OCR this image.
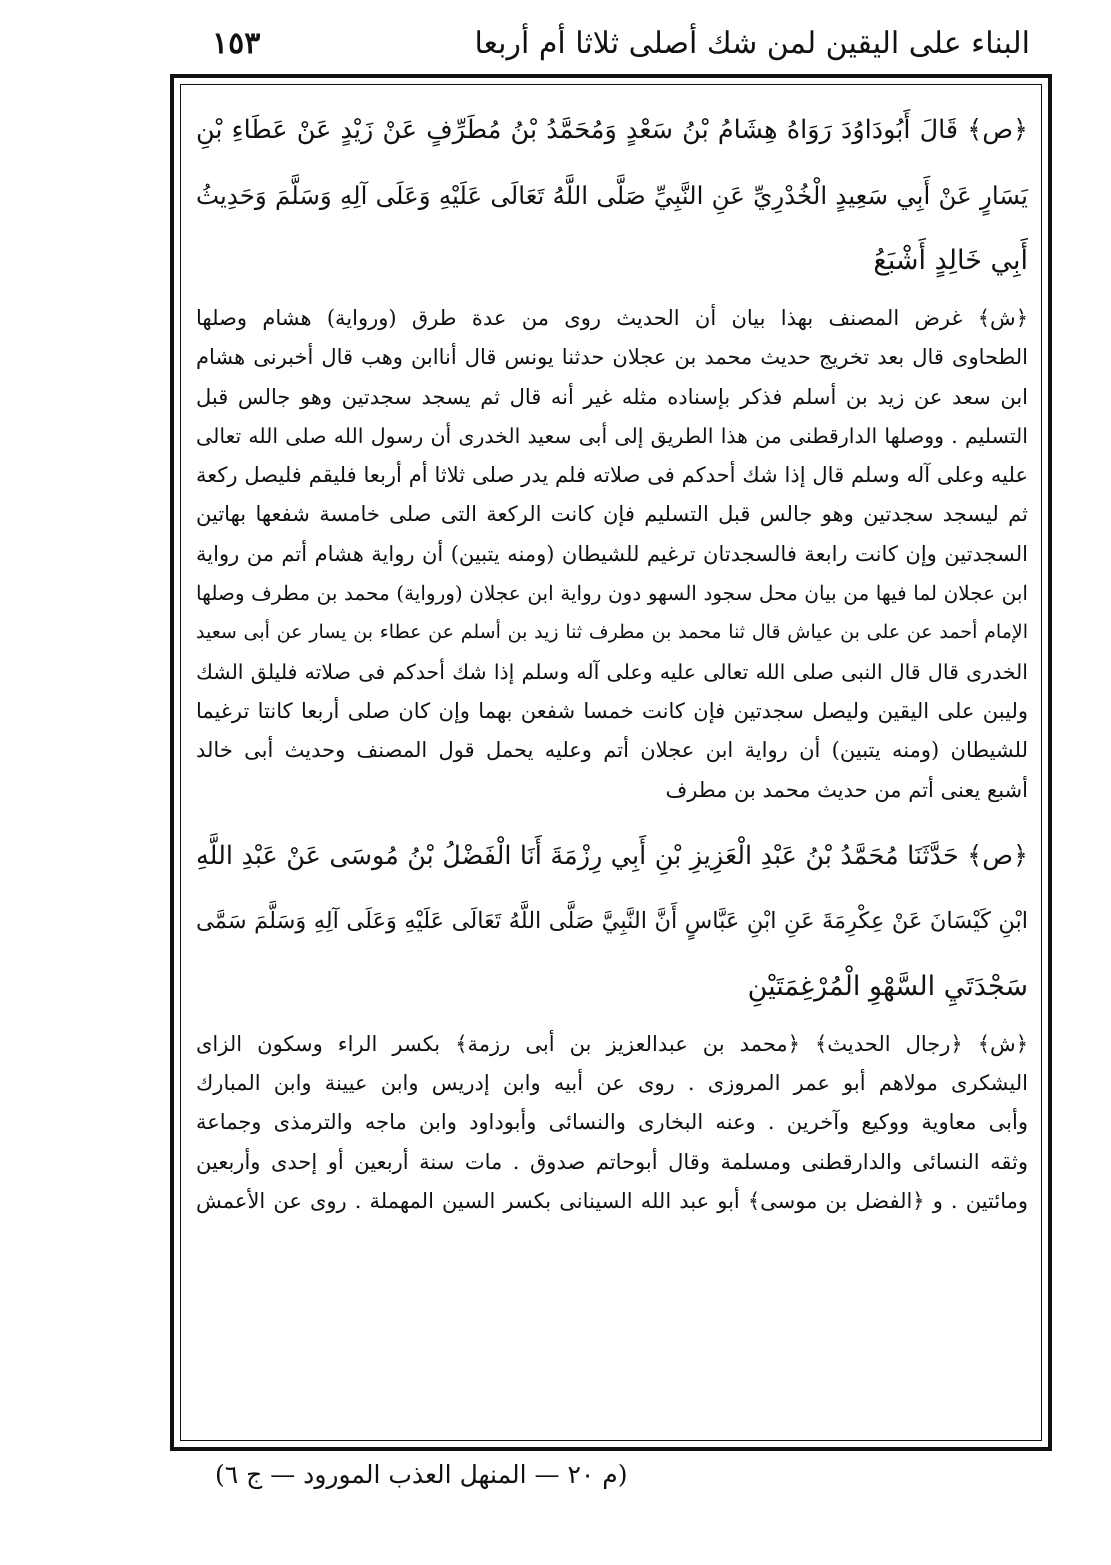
١٥٣	البناء على اليقين لمن شك أصلى ثلاثا أم أربعا
﴿ص﴾ قَالَ أَبُودَاوُدَ رَوَاهُ هِشَامُ بْنُ سَعْدٍ وَمُحَمَّدُ بْنُ مُطَرِّفٍ عَنْ زَيْدٍ عَنْ عَطَاءِ بْنِ
يَسَارٍ عَنْ أَبِي سَعِيدٍ الْخُدْرِيِّ عَنِ النَّبِيِّ صَلَّى اللَّهُ تَعَالَى عَلَيْهِ وَعَلَى آلِهِ وَسَلَّمَ وَحَدِيثُ
أَبِي خَالِدٍ أَشْبَعُ
﴿ش﴾ غرض المصنف بهذا بيان أن الحديث روى من عدة طرق (ورواية) هشام وصلها
الطحاوى قال بعد تخريج حديث محمد بن عجلان حدثنا يونس قال أناابن وهب قال أخبرنى هشام
ابن سعد عن زيد بن أسلم فذكر بإسناده مثله غير أنه قال ثم يسجد سجدتين وهو جالس قبل
التسليم . ووصلها الدارقطنى من هذا الطريق إلى أبى سعيد الخدرى أن رسول الله صلى الله تعالى
عليه وعلى آله وسلم قال إذا شك أحدكم فى صلاته فلم يدر صلى ثلاثا أم أربعا فليقم فليصل ركعة
ثم ليسجد سجدتين وهو جالس قبل التسليم فإن كانت الركعة التى صلى خامسة شفعها بهاتين
السجدتين وإن كانت رابعة فالسجدتان ترغيم للشيطان (ومنه يتبين) أن رواية هشام أتم من رواية
ابن عجلان لما فيها من بيان محل سجود السهو دون رواية ابن عجلان (ورواية) محمد بن مطرف وصلها
الإمام أحمد عن على بن عياش قال ثنا محمد بن مطرف ثنا زيد بن أسلم عن عطاء بن يسار عن أبى سعيد
الخدرى قال قال النبى صلى الله تعالى عليه وعلى آله وسلم إذا شك أحدكم فى صلاته فليلق الشك
وليبن على اليقين وليصل سجدتين فإن كانت خمسا شفعن بهما وإن كان صلى أربعا كانتا ترغيما
للشيطان (ومنه يتبين) أن رواية ابن عجلان أتم وعليه يحمل قول المصنف وحديث أبى خالد
أشبع يعنى أتم من حديث محمد بن مطرف
﴿ص﴾ حَدَّثَنَا مُحَمَّدُ بْنُ عَبْدِ الْعَزِيزِ بْنِ أَبِي رِزْمَةَ أَنَا الْفَضْلُ بْنُ مُوسَى عَنْ عَبْدِ اللَّهِ
ابْنِ كَيْسَانَ عَنْ عِكْرِمَةَ عَنِ ابْنِ عَبَّاسٍ أَنَّ النَّبِيَّ صَلَّى اللَّهُ تَعَالَى عَلَيْهِ وَعَلَى آلِهِ وَسَلَّمَ سَمَّى
سَجْدَتَيِ السَّهْوِ الْمُرْغِمَتَيْنِ
﴿ش﴾ ﴿رجال الحديث﴾ ﴿محمد بن عبدالعزيز بن أبى رزمة﴾ بكسر الراء وسكون الزاى
اليشكرى مولاهم أبو عمر المروزى . روى عن أبيه وابن إدريس وابن عيينة وابن المبارك
وأبى معاوية ووكيع وآخرين . وعنه البخارى والنسائى وأبوداود وابن ماجه والترمذى وجماعة
وثقه النسائى والدارقطنى ومسلمة وقال أبوحاتم صدوق . مات سنة أربعين أو إحدى وأربعين
ومائتين . و ﴿الفضل بن موسى﴾ أبو عبد الله السينانى بكسر السين المهملة . روى عن الأعمش
(م ٢٠ — المنهل العذب المورود — ج ٦)
